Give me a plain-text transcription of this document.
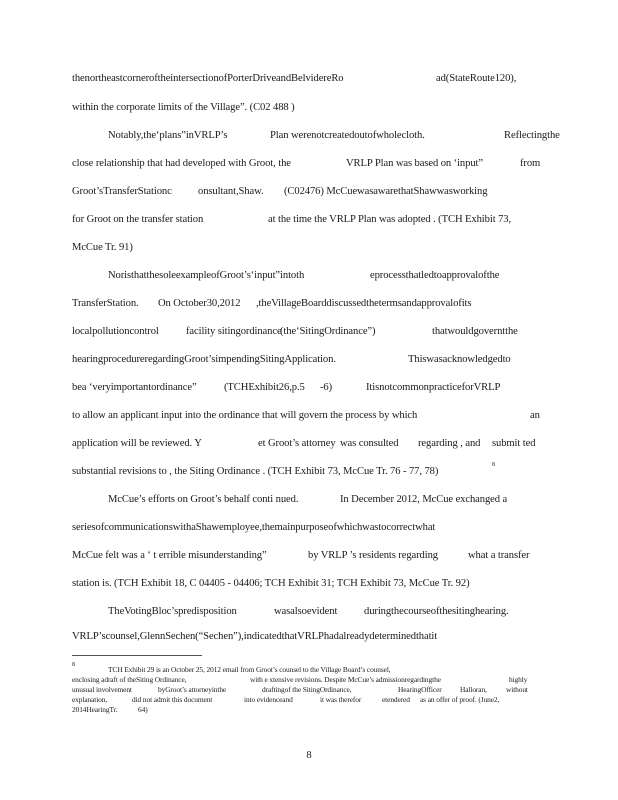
thenortheastcorneroftheintersectionofPorterDriveandBelvidereRo	ad(StateRoute120),
within the corporate limits of the Village”. (C02 488 )
Notably,the‘plans”inVRLP’s	Plan werenotcreatedoutofwholecloth.	Reflectingthe
close relationship that had developed with Groot, the	VRLP Plan was based on ‘input”	from
Groot’sTransferStationc onsultant,Shaw. (C02476) McCuewasawarethatShawwasworking
for Groot on the transfer station	at the time the VRLP Plan was adopted . (TCH Exhibit 73,
McCue Tr. 91)
NoristhatthesoleexampleofGroot’s‘input”intoth	eprocessthatledtoapprovalofthe
TransferStation. On October30,2012 ,theVillageBoarddiscussedthetermsandapprovalofits
localpollutioncontrol	facility sitingordinance
(the‘SitingOrdinance”)	thatwouldgoverntthe
hearingprocedureregardingGroot’simpendingSitingApplication.	Thiswasacknowledgedto
bea ‘veryimportantordinance”	(TCHExhibit26,p.5 -6)	ItisnotcommonpracticeforVRLP
to allow an applicant input into the ordinance that will govern the process by which	an
application will be reviewed. Y	et Groot’s attorney was consulted regarding , and submit ted
substantial revisions to , the Siting Ordinance . (TCH Exhibit 73, McCue Tr. 76 - 77, 78)
8
McCue’s efforts on Groot’s behalf conti nued.	In December 2012, McCue exchanged a
seriesofcommunicationswithaShawemployee,themainpurposeofwhichwastocorrectwhat
McCue felt was a ‘ t errible misunderstanding”	by VRLP ’s residents regarding	what a transfer
station is. (TCH Exhibit 18, C 04405 - 04406; TCH Exhibit 31; TCH Exhibit 73, McCue Tr. 92)
TheVotingBloc’spredisposition	wasalsoevident	duringthecourseofthesitinghearing.
VRLP’scounsel,GlennSechen(“Sechen”),indicatedthatVRLPhadalreadydeterminedthatit
8	TCH Exhibit 29 is an October 25, 2012 email from Groot’s counsel to the Village Board’s counsel,
enclosing adraft of theSiting Ordinance,	with e xtensive revisions. Despite McCue’s admissionregardingthe	highly
unusual involvement	byGroot’s attorneyinthe	draftingof the SitingOrdinance,	HearingOfficer Halloran,	without
explanation,	did not admit this document	into evidenceand	it was therefor	etendered as an offer of proof. (June2,
2014HearingTr.	64)
8
